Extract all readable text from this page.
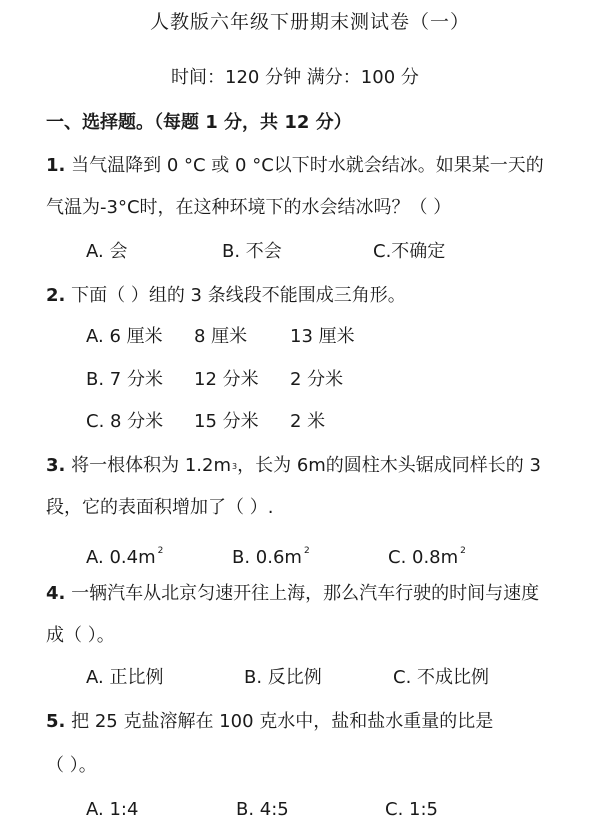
人教版六年级下册期末测试卷（一）
时间：120 分钟 满分：100 分
一、选择题。（每题 1 分，共 12 分）
1. 当气温降到 0 °C 或 0 °C以下时水就会结冰。如果某一天的
气温为-3°C时，在这种环境下的水会结冰吗？（ ）
A. 会	B. 不会	C.不确定
2. 下面（ ）组的 3 条线段不能围成三角形。
A. 6 厘米 8 厘米 13 厘米
B. 7 分米 12 分米 2 分米
C. 8 分米 15 分米 2 米
3. 将一根体积为 1.2m3，长为 6m的圆柱木头锯成同样长的 3
段，它的表面积增加了（ ）.
A. 0.4m $^2$	B. 0.6m $^2$	C. 0.8m $^2$
4. 一辆汽车从北京匀速开往上海，那么汽车行驶的时间与速度
成（ ）。
A. 正比例	B. 反比例	C. 不成比例
5. 把 25 克盐溶解在 100 克水中，盐和盐水重量的比是
（ ）。
A. 1:4	B. 4:5	C. 1:5
